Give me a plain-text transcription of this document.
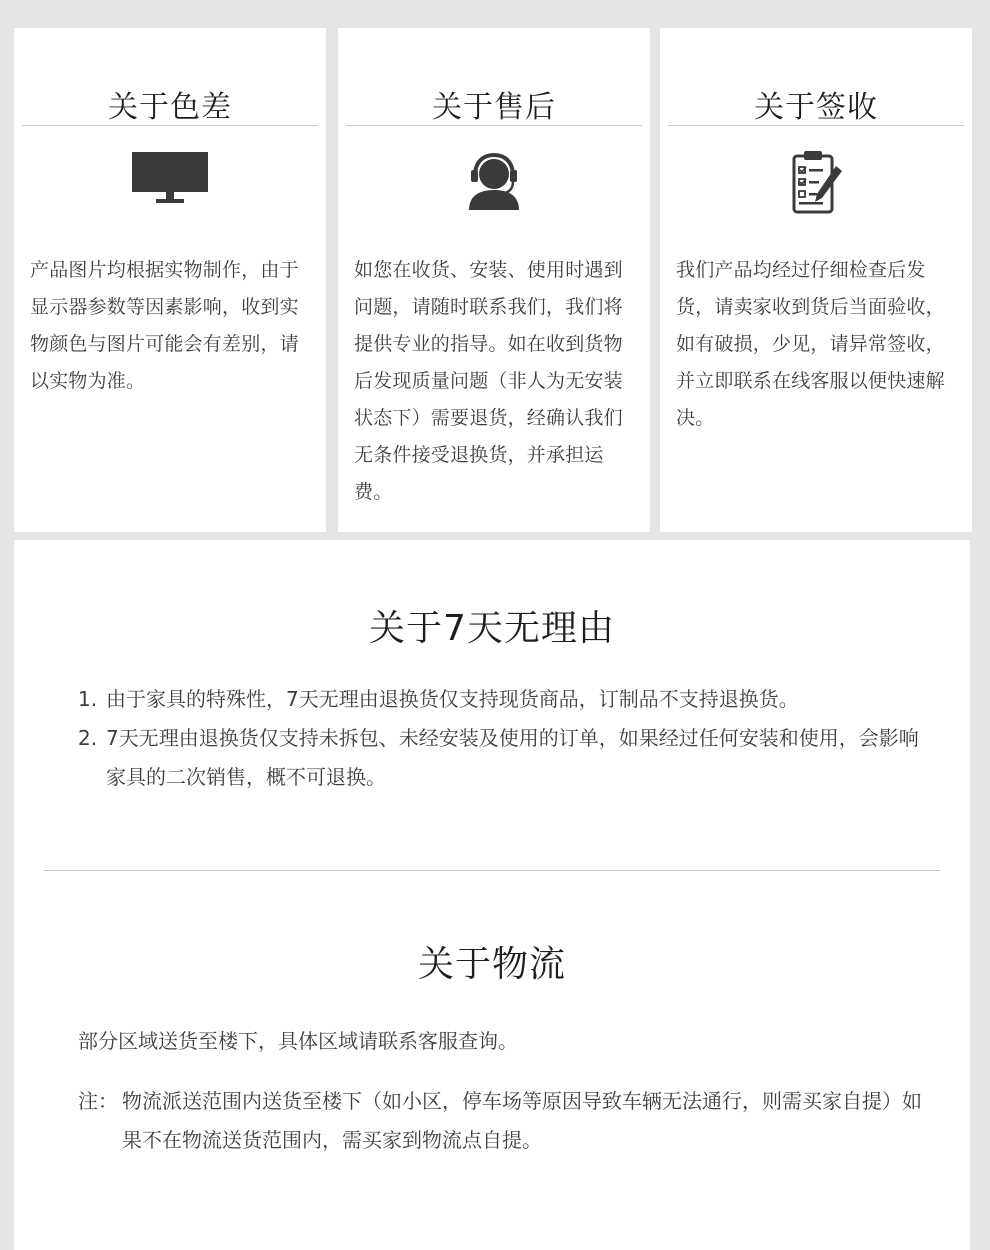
关于色差
产品图片均根据实物制作，由于显示器参数等因素影响，收到实物颜色与图片可能会有差别，请以实物为准。
关于售后
如您在收货、安装、使用时遇到问题，请随时联系我们，我们将提供专业的指导。如在收到货物后发现质量问题（非人为无安装状态下）需要退货，经确认我们无条件接受退换货，并承担运费。
关于签收
我们产品均经过仔细检查后发货，请卖家收到货后当面验收，如有破损，少见，请异常签收，并立即联系在线客服以便快速解决。
关于7天无理由
1. 由于家具的特殊性，7天无理由退换货仅支持现货商品，订制品不支持退换货。
2. 7天无理由退换货仅支持未拆包、未经安装及使用的订单，如果经过任何安装和使用，会影响家具的二次销售，概不可退换。
关于物流

部分区域送货至楼下，具体区域请联系客服查询。

注： 物流派送范围内送货至楼下（如小区，停车场等原因导致车辆无法通行，则需买家自提）如果不在物流送货范围内，需买家到物流点自提。
